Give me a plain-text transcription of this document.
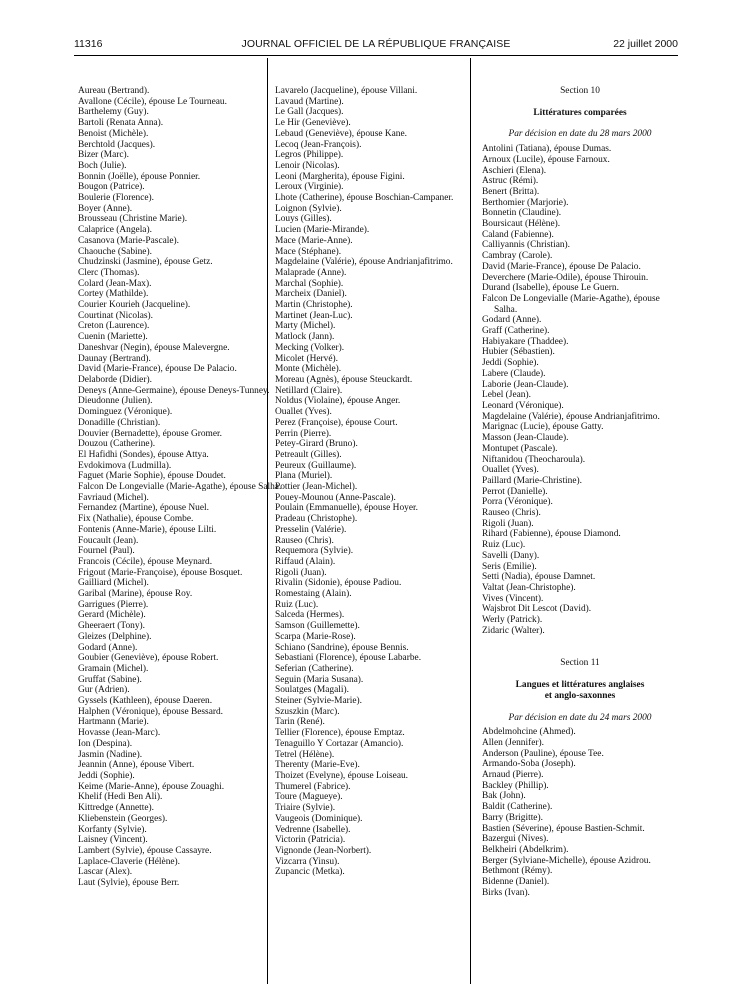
11316	JOURNAL OFFICIEL DE LA RÉPUBLIQUE FRANÇAISE	22 juillet 2000
Aureau (Bertrand).
Avallone (Cécile), épouse Le Tourneau.
Barthelemy (Guy).
Bartoli (Renata Anna).
Benoist (Michèle).
Berchtold (Jacques).
Bizer (Marc).
Boch (Julie).
Bonnin (Joëlle), épouse Ponnier.
Bougon (Patrice).
Boulerie (Florence).
Boyer (Anne).
Brousseau (Christine Marie).
Calaprice (Angela).
Casanova (Marie-Pascale).
Chaouche (Sabine).
Chudzinski (Jasmine), épouse Getz.
Clerc (Thomas).
Colard (Jean-Max).
Cortey (Mathilde).
Courier Kourieh (Jacqueline).
Courtinat (Nicolas).
Creton (Laurence).
Cuenin (Mariette).
Daneshvar (Negin), épouse Malevergne.
Daunay (Bertrand).
David (Marie-France), épouse De Palacio.
Delaborde (Didier).
Deneys (Anne-Germaine), épouse Deneys-Tunney.
Dieudonne (Julien).
Dominguez (Véronique).
Donadille (Christian).
Douvier (Bernadette), épouse Gromer.
Douzou (Catherine).
El Hafidhi (Sondes), épouse Attya.
Evdokimova (Ludmilla).
Faguet (Marie Sophie), épouse Doudet.
Falcon De Longevialle (Marie-Agathe), épouse Salha.
Favriaud (Michel).
Fernandez (Martine), épouse Nuel.
Fix (Nathalie), épouse Combe.
Fontenis (Anne-Marie), épouse Lilti.
Foucault (Jean).
Fournel (Paul).
Francois (Cécile), épouse Meynard.
Frigout (Marie-Françoise), épouse Bosquet.
Gailliard (Michel).
Garibal (Marine), épouse Roy.
Garrigues (Pierre).
Gerard (Michèle).
Gheeraert (Tony).
Gleizes (Delphine).
Godard (Anne).
Goubier (Geneviève), épouse Robert.
Gramain (Michel).
Gruffat (Sabine).
Gur (Adrien).
Gyssels (Kathleen), épouse Daeren.
Halphen (Véronique), épouse Bessard.
Hartmann (Marie).
Hovasse (Jean-Marc).
Ion (Despina).
Jasmin (Nadine).
Jeannin (Anne), épouse Vibert.
Jeddi (Sophie).
Keime (Marie-Anne), épouse Zouaghi.
Khelif (Hedi Ben Ali).
Kittredge (Annette).
Kliebenstein (Georges).
Korfanty (Sylvie).
Laisney (Vincent).
Lambert (Sylvie), épouse Cassayre.
Laplace-Claverie (Hélène).
Lascar (Alex).
Laut (Sylvie), épouse Berr.
Lavarelo (Jacqueline), épouse Villani.
Lavaud (Martine).
Le Gall (Jacques).
Le Hir (Geneviève).
Lebaud (Geneviève), épouse Kane.
Lecoq (Jean-François).
Legros (Philippe).
Lenoir (Nicolas).
Leoni (Margherita), épouse Figini.
Leroux (Virginie).
Lhote (Catherine), épouse Boschian-Campaner.
Loignon (Sylvie).
Louys (Gilles).
Lucien (Marie-Mirande).
Mace (Marie-Anne).
Mace (Stéphane).
Magdelaine (Valérie), épouse Andrianjafitrimo.
Malaprade (Anne).
Marchal (Sophie).
Marcheix (Daniel).
Martin (Christophe).
Martinet (Jean-Luc).
Marty (Michel).
Matlock (Jann).
Mecking (Volker).
Micolet (Hervé).
Monte (Michèle).
Moreau (Agnès), épouse Steuckardt.
Netillard (Claire).
Noldus (Violaine), épouse Anger.
Ouallet (Yves).
Perez (Françoise), épouse Court.
Perrin (Pierre).
Petey-Girard (Bruno).
Petreault (Gilles).
Peureux (Guillaume).
Plana (Muriel).
Pottier (Jean-Michel).
Pouey-Mounou (Anne-Pascale).
Poulain (Emmanuelle), épouse Hoyer.
Pradeau (Christophe).
Presselin (Valérie).
Rauseo (Chris).
Requemora (Sylvie).
Riffaud (Alain).
Rigoli (Juan).
Rivalin (Sidonie), épouse Padiou.
Romestaing (Alain).
Ruiz (Luc).
Salceda (Hermes).
Samson (Guillemette).
Scarpa (Marie-Rose).
Schiano (Sandrine), épouse Bennis.
Sebastiani (Florence), épouse Labarbe.
Seferian (Catherine).
Seguin (Maria Susana).
Soulatges (Magali).
Steiner (Sylvie-Marie).
Szuszkin (Marc).
Tarin (René).
Tellier (Florence), épouse Emptaz.
Tenaguillo Y Cortazar (Amancio).
Tetrel (Hélène).
Therenty (Marie-Eve).
Thoizet (Evelyne), épouse Loiseau.
Thumerel (Fabrice).
Toure (Magueye).
Triaire (Sylvie).
Vaugeois (Dominique).
Vedrenne (Isabelle).
Victorin (Patricia).
Vignonde (Jean-Norbert).
Vizcarra (Yinsu).
Zupancic (Metka).
Section 10
Littératures comparées
Par décision en date du 28 mars 2000
Antolini (Tatiana), épouse Dumas.
Arnoux (Lucile), épouse Farnoux.
Aschieri (Elena).
Astruc (Rémi).
Benert (Britta).
Berthomier (Marjorie).
Bonnetin (Claudine).
Boursicaut (Hélène).
Caland (Fabienne).
Calliyannis (Christian).
Cambray (Carole).
David (Marie-France), épouse De Palacio.
Deverchere (Marie-Odile), épouse Thirouin.
Durand (Isabelle), épouse Le Guern.
Falcon De Longevialle (Marie-Agathe), épouse Salha.
Godard (Anne).
Graff (Catherine).
Habiyakare (Thaddee).
Hubier (Sébastien).
Jeddi (Sophie).
Labere (Claude).
Laborie (Jean-Claude).
Lebel (Jean).
Leonard (Véronique).
Magdelaine (Valérie), épouse Andrianjafitrimo.
Marignac (Lucie), épouse Gatty.
Masson (Jean-Claude).
Montupet (Pascale).
Niftanidou (Theocharoula).
Ouallet (Yves).
Paillard (Marie-Christine).
Perrot (Danielle).
Porra (Véronique).
Rauseo (Chris).
Rigoli (Juan).
Rihard (Fabienne), épouse Diamond.
Ruiz (Luc).
Savelli (Dany).
Seris (Emilie).
Setti (Nadia), épouse Damnet.
Valtat (Jean-Christophe).
Vives (Vincent).
Wajsbrot Dit Lescot (David).
Werly (Patrick).
Zidaric (Walter).
Section 11
Langues et littératures anglaises
et anglo-saxonnes
Par décision en date du 24 mars 2000
Abdelmohcine (Ahmed).
Allen (Jennifer).
Anderson (Pauline), épouse Tee.
Armando-Soba (Joseph).
Arnaud (Pierre).
Backley (Phillip).
Bak (John).
Baldit (Catherine).
Barry (Brigitte).
Bastien (Séverine), épouse Bastien-Schmit.
Bazergui (Nives).
Belkheiri (Abdelkrim).
Berger (Sylviane-Michelle), épouse Azidrou.
Bethmont (Rémy).
Bidenne (Daniel).
Birks (Ivan).
